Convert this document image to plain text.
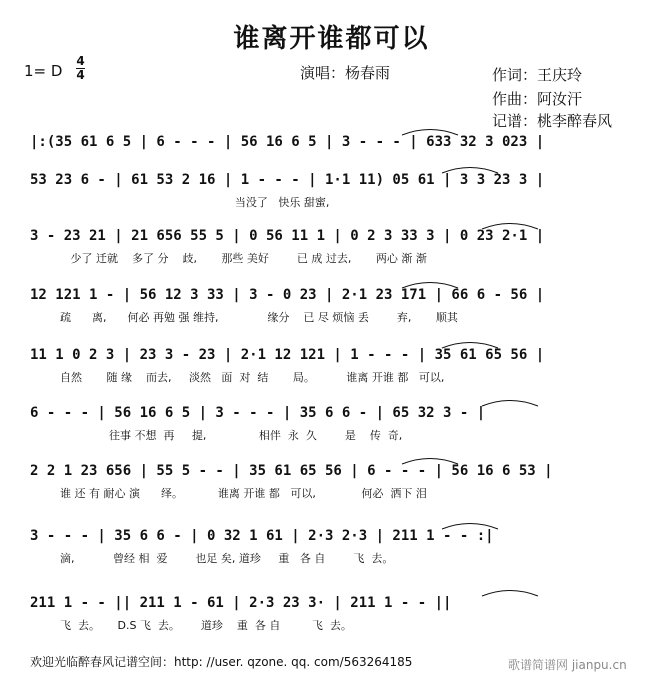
谁离开谁都可以
1= D
4
4	演唱：杨春雨	作词：王庆玲
作曲：阿汝汗
记谱：桃李醉春风
|:(35 61 6 5 | 6 - - - | 56 16 6 5 | 3 - - - | 633 32 3 023 |
53 23 6 - | 61 53 2 16 | 1 - - - | 1·1 11) 05 61 | 3 3 23 3 |
当没了   快乐 甜蜜,
3 - 23 21 | 21 656 55 5 | 0 56 11 1 | 0 2 3 33 3 | 0 23 2·1 |
少了 迁就    多了 分    歧,       那些 美好        已 成 过去,       两心 渐 渐
12 121 1 - | 56 12 3 33 | 3 - 0 23 | 2·1 23 171 | 66 6 - 56 |
疏      离,      何必 再勉 强 维持,              缘分    已 尽 烦恼 丢        弃,       顺其
11 1 0 2 3 | 23 3 - 23 | 2·1 12 121 | 1 - - - | 35 61 65 56 |
自然       随 缘    而去,     淡然   面  对  结       局。         谁离 开谁 都   可以,
6 - - - | 56 16 6 5 | 3 - - - | 35 6 6 - | 65 32 3 - |
往事 不想  再     提,               相伴  永  久        是    传  奇,
2 2 1 23 656 | 55 5 - - | 35 61 65 56 | 6 - - - | 56 16 6 53 |
谁 还 有 耐心 演      绎。          谁离 开谁 都   可以,             何必  洒下 泪
3 - - - | 35 6 6 - | 0 32 1 61 | 2·3 2·3 | 211 1 - - :|
滴,           曾经 相  爱        也足 矣, 道珍     重   各 自        飞  去。
211 1 - - || 211 1 - 61 | 2·3 23 3· | 211 1 - - ||
飞  去。     D.S 飞  去。      道珍    重  各 自         飞  去。
欢迎光临醉春风记谱空间：http: //user. qzone. qq. com/563264185	歌谱简谱网 jianpu.cn
